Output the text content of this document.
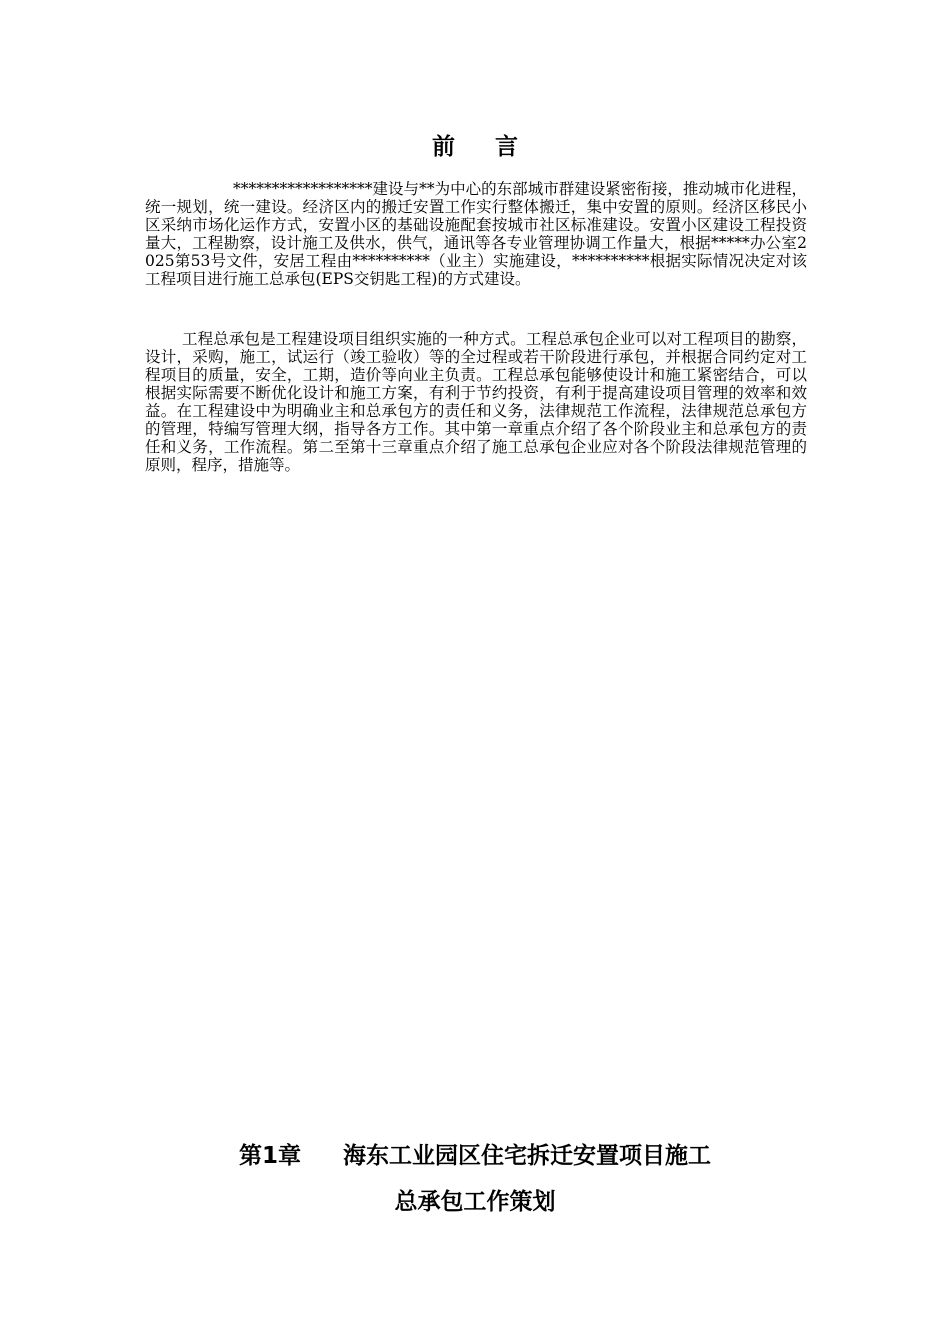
前 言

******************建设与**为中心的东部城市群建设紧密衔接，推动城市化进程，统一规划，统一建设。经济区内的搬迁安置工作实行整体搬迁，集中安置的原则。经济区移民小区采纳市场化运作方式，安置小区的基础设施配套按城市社区标准建设。安置小区建设工程投资量大，工程勘察，设计施工及供水，供气，通讯等各专业管理协调工作量大，根据*****办公室2025第53号文件，安居工程由**********（业主）实施建设，**********根据实际情况决定对该工程项目进行施工总承包(EPS交钥匙工程)的方式建设。

工程总承包是工程建设项目组织实施的一种方式。工程总承包企业可以对工程项目的勘察，设计，采购，施工，试运行（竣工验收）等的全过程或若干阶段进行承包，并根据合同约定对工程项目的质量，安全，工期，造价等向业主负责。工程总承包能够使设计和施工紧密结合，可以根据实际需要不断优化设计和施工方案，有利于节约投资，有利于提高建设项目管理的效率和效益。在工程建设中为明确业主和总承包方的责任和义务，法律规范工作流程，法律规范总承包方的管理，特编写管理大纲，指导各方工作。其中第一章重点介绍了各个阶段业主和总承包方的责任和义务，工作流程。第二至第十三章重点介绍了施工总承包企业应对各个阶段法律规范管理的原则，程序，措施等。

第1章 海东工业园区住宅拆迁安置项目施工
总承包工作策划
